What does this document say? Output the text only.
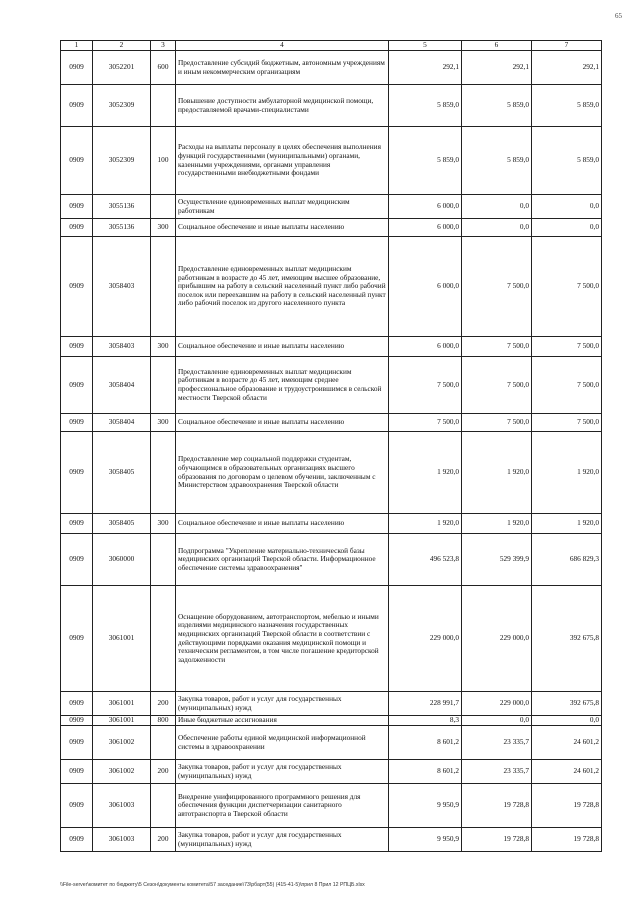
65
1	2	3	4	5	6	7
0909	3052201	600	Предоставление субсидий бюджетным, автономным учреждениям и иным некоммерческим организациям	292,1	292,1	292,1
0909	3052309		Повышение доступности амбулаторной медицинской помощи, предоставляемой врачами-специалистами	5 859,0	5 859,0	5 859,0
0909	3052309	100	Расходы на выплаты персоналу в целях обеспечения выполнения функций государственными (муниципальными) органами, казенными учреждениями, органами управления государственными внебюджетными фондами	5 859,0	5 859,0	5 859,0
0909	3055136		Осуществление единовременных выплат медицинским работникам	6 000,0	0,0	0,0
0909	3055136	300	Социальное обеспечение и иные выплаты населению	6 000,0	0,0	0,0
0909	3058403		Предоставление единовременных выплат медицинским работникам в возрасте до 45 лет, имеющим высшее образование, прибывшим на работу в сельский населенный пункт либо рабочий поселок или переехавшим на работу в сельский населенный пункт либо рабочий поселок из другого населенного пункта	6 000,0	7 500,0	7 500,0
0909	3058403	300	Социальное обеспечение и иные выплаты населению	6 000,0	7 500,0	7 500,0
0909	3058404		Предоставление единовременных выплат медицинским работникам в возрасте до 45 лет, имеющим среднее профессиональное образование и трудоустроившимся в сельской местности Тверской области	7 500,0	7 500,0	7 500,0
0909	3058404	300	Социальное обеспечение и иные выплаты населению	7 500,0	7 500,0	7 500,0
0909	3058405		Предоставление мер социальной поддержки студентам, обучающимся в образовательных организациях высшего образования по договорам о целевом обучении, заключенным с Министерством здравоохранения Тверской области	1 920,0	1 920,0	1 920,0
0909	3058405	300	Социальное обеспечение и иные выплаты населению	1 920,0	1 920,0	1 920,0
0909	3060000		Подпрограмма "Укрепление материально-технической базы медицинских организаций Тверской области. Информационное обеспечение системы здравоохранения"	496 523,8	529 399,9	686 829,3
0909	3061001		Оснащение оборудованием, автотранспортом, мебелью и иными изделиями медицинского назначения государственных медицинских организаций Тверской области в соответствии с действующими порядками оказания медицинской помощи и техническим регламентом, в том числе погашение кредиторской задолженности	229 000,0	229 000,0	392 675,8
0909	3061001	200	Закупка товаров, работ и услуг для государственных (муниципальных) нужд	228 991,7	229 000,0	392 675,8
0909	3061001	800	Иные бюджетные ассигнования	8,3	0,0	0,0
0909	3061002		Обеспечение работы единой медицинской информационной системы в здравоохранении	8 601,2	23 335,7	24 601,2
0909	3061002	200	Закупка товаров, работ и услуг для государственных (муниципальных) нужд	8 601,2	23 335,7	24 601,2
0909	3061003		Внедрение унифицированного программного решения для обеспечения функции диспетчеризации санитарного автотранспорта в Тверской области	9 950,9	19 728,8	19 728,8
0909	3061003	200	Закупка товаров, работ и услуг для государственных (муниципальных) нужд	9 950,9	19 728,8	19 728,8
\\File-server\комитет по бюджету\5 Сезон\документы комитета\57 заседание\73\рбарт(55) (415-41-5)\прил 8 Прил 12 РПЦБ.xlsx
